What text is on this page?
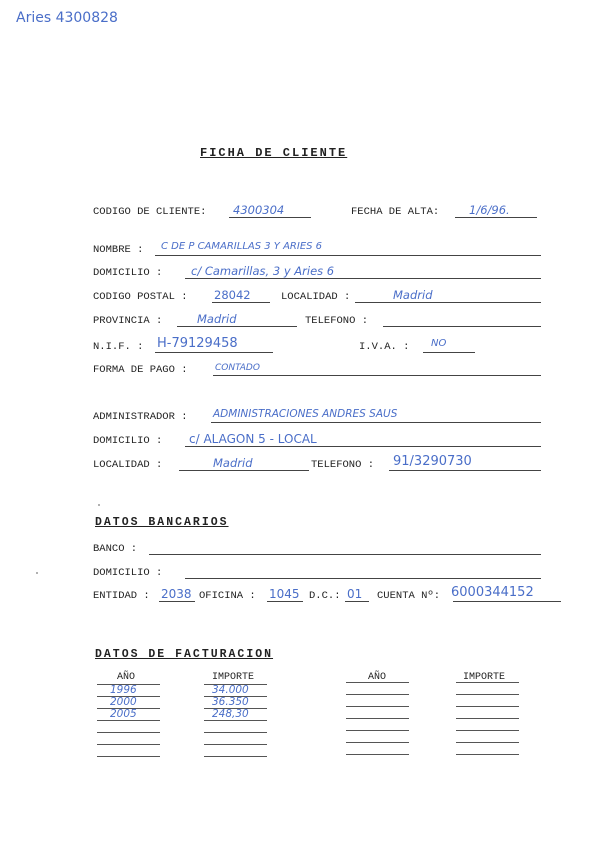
Aries 4300828
FICHA DE CLIENTE
CODIGO DE CLIENTE: 4300304	FECHA DE ALTA:	1/6/96.
NOMBRE : C DE P CAMARILLAS 3 Y ARIES 6
DOMICILIO : c/ Camarillas, 3 y Aries 6
CODIGO POSTAL : 28042	LOCALIDAD :	Madrid
PROVINCIA :	Madrid	TELEFONO :
N.I.F. : H-79129458	I.V.A. : NO
FORMA DE PAGO :	CONTADO
ADMINISTRADOR : ADMINISTRACIONES ANDRES SAUS
DOMICILIO : c/ ALAGON 5 - LOCAL
LOCALIDAD :	Madrid	TELEFONO : 91/3290730
DATOS BANCARIOS
BANCO :
DOMICILIO :
ENTIDAD : 2038 OFICINA : 1045 D.C.: 01 CUENTA Nº: 6000344152
DATOS DE FACTURACION
AÑO	IMPORTE	AÑO	IMPORTE
1996	34.000
2000	36.350
2005	248,30
